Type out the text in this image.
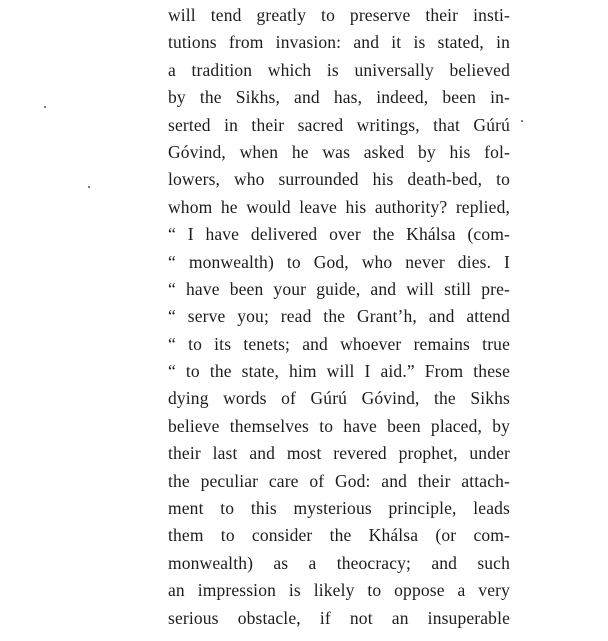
will tend greatly to preserve their insti-
tutions from invasion: and it is stated, in
a tradition which is universally believed
by the Sikhs, and has, indeed, been in-
serted in their sacred writings, that Gúrú
Góvind, when he was asked by his fol-
lowers, who surrounded his death-bed, to
whom he would leave his authority? replied,
“ I have delivered over the Khálsa (com-
“ monwealth) to God, who never dies. I
“ have been your guide, and will still pre-
“ serve you; read the Grant’h, and attend
“ to its tenets; and whoever remains true
“ to the state, him will I aid.” From these
dying words of Gúrú Góvind, the Sikhs
believe themselves to have been placed, by
their last and most revered prophet, under
the peculiar care of God: and their attach-
ment to this mysterious principle, leads
them to consider the Khálsa (or com-
monwealth) as a theocracy; and such
an impression is likely to oppose a very
serious obstacle, if not an insuperable
